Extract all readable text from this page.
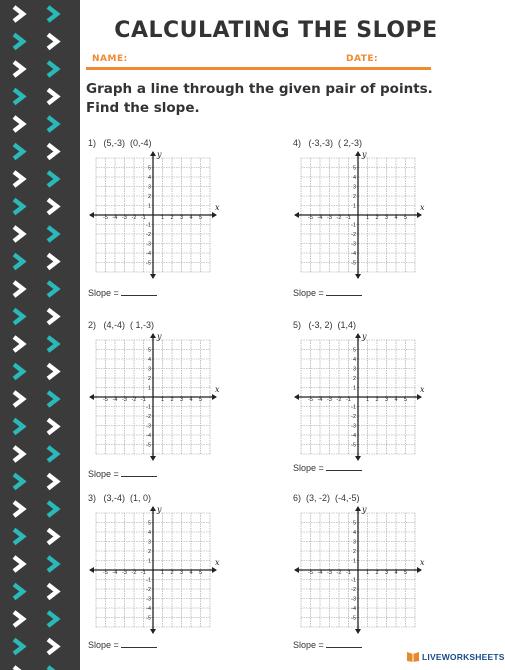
CALCULATING THE SLOPE
NAME:	DATE:
Graph a line through the given pair of points.
Find the slope.
1)   (5,-3)  (0,-4)
x
y
-5
-5
-4
-4
-3
-3
-2
-2
-1
-1
1
1
2
2
3
3
4
4
5
5
Slope =
4)   (-3,-3)  ( 2,-3)
x
y
-5
-5
-4
-4
-3
-3
-2
-2
-1
-1
1
1
2
2
3
3
4
4
5
5
Slope =
2)   (4,-4)  ( 1,-3)
x
y
-5
-5
-4
-4
-3
-3
-2
-2
-1
-1
1
1
2
2
3
3
4
4
5
5
Slope =
5)   (-3, 2)  (1,4)
x
y
-5
-5
-4
-4
-3
-3
-2
-2
-1
-1
1
1
2
2
3
3
4
4
5
5
Slope =
3)   (3,-4)  (1, 0)
x
y
-5
-5
-4
-4
-3
-3
-2
-2
-1
-1
1
1
2
2
3
3
4
4
5
5
Slope =
6)  (3, -2)  (-4,-5)
x
y
-5
-5
-4
-4
-3
-3
-2
-2
-1
-1
1
1
2
2
3
3
4
4
5
5
Slope =
LIVEWORKSHEETS
